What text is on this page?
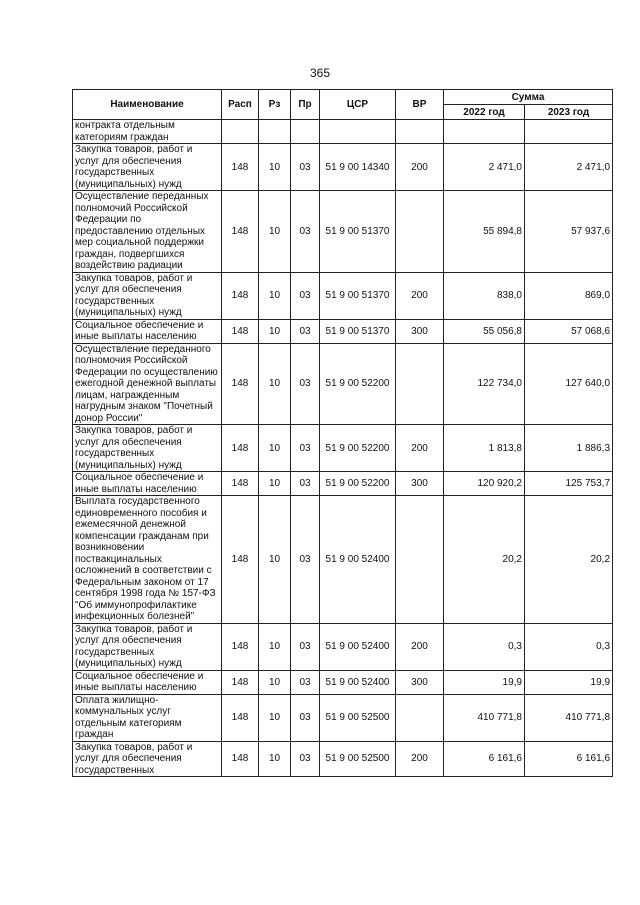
365
Наименование	Расп	Рз	Пр	ЦСР	ВР	Сумма	
						2022 год	2023 год
контракта отдельным категориям граждан							
Закупка товаров, работ и услуг для обеспечения государственных (муниципальных) нужд	148	10	03	51 9 00 14340	200	2 471,0	2 471,0
Осуществление переданных полномочий Российской Федерации по предоставлению отдельных мер социальной поддержки граждан, подвергшихся воздействию радиации	148	10	03	51 9 00 51370		55 894,8	57 937,6
Закупка товаров, работ и услуг для обеспечения государственных (муниципальных) нужд	148	10	03	51 9 00 51370	200	838,0	869,0
Социальное обеспечение и иные выплаты населению	148	10	03	51 9 00 51370	300	55 056,8	57 068,6
Осуществление переданного полномочия Российской Федерации по осуществлению ежегодной денежной выплаты лицам, награжденным нагрудным знаком "Почетный донор России"	148	10	03	51 9 00 52200		122 734,0	127 640,0
Закупка товаров, работ и услуг для обеспечения государственных (муниципальных) нужд	148	10	03	51 9 00 52200	200	1 813,8	1 886,3
Социальное обеспечение и иные выплаты населению	148	10	03	51 9 00 52200	300	120 920,2	125 753,7
Выплата государственного единовременного пособия и ежемесячной денежной компенсации гражданам при возникновении поствакцинальных осложнений в соответствии с Федеральным законом от 17 сентября 1998 года № 157-ФЗ "Об иммунопрофилактике инфекционных болезней"	148	10	03	51 9 00 52400		20,2	20,2
Закупка товаров, работ и услуг для обеспечения государственных (муниципальных) нужд	148	10	03	51 9 00 52400	200	0,3	0,3
Социальное обеспечение и иные выплаты населению	148	10	03	51 9 00 52400	300	19,9	19,9
Оплата жилищно-коммунальных услуг отдельным категориям граждан	148	10	03	51 9 00 52500		410 771,8	410 771,8
Закупка товаров, работ и услуг для обеспечения государственных	148	10	03	51 9 00 52500	200	6 161,6	6 161,6
